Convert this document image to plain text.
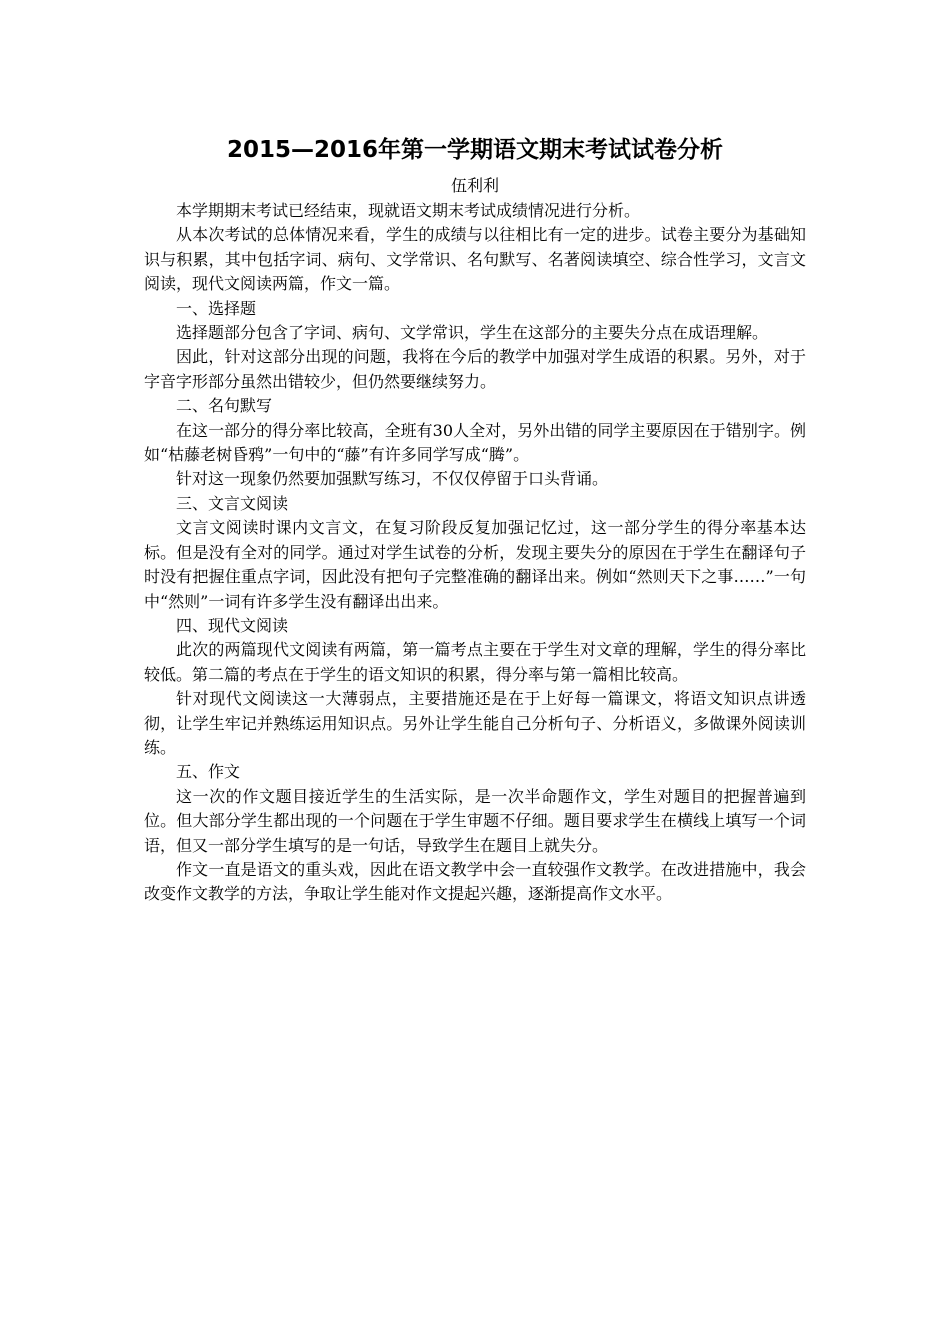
2015—2016年第一学期语文期末考试试卷分析

伍利利

本学期期末考试已经结束，现就语文期末考试成绩情况进行分析。

从本次考试的总体情况来看，学生的成绩与以往相比有一定的进步。试卷主要分为基础知识与积累，其中包括字词、病句、文学常识、名句默写、名著阅读填空、综合性学习，文言文阅读，现代文阅读两篇，作文一篇。

一、选择题

选择题部分包含了字词、病句、文学常识，学生在这部分的主要失分点在成语理解。

因此，针对这部分出现的问题，我将在今后的教学中加强对学生成语的积累。另外，对于字音字形部分虽然出错较少，但仍然要继续努力。

二、名句默写

在这一部分的得分率比较高，全班有30人全对，另外出错的同学主要原因在于错别字。例如“枯藤老树昏鸦”一句中的“藤”有许多同学写成“腾”。

针对这一现象仍然要加强默写练习，不仅仅停留于口头背诵。

三、文言文阅读

文言文阅读时课内文言文，在复习阶段反复加强记忆过，这一部分学生的得分率基本达标。但是没有全对的同学。通过对学生试卷的分析，发现主要失分的原因在于学生在翻译句子时没有把握住重点字词，因此没有把句子完整准确的翻译出来。例如“然则天下之事……”一句中“然则”一词有许多学生没有翻译出出来。

四、现代文阅读

此次的两篇现代文阅读有两篇，第一篇考点主要在于学生对文章的理解，学生的得分率比较低。第二篇的考点在于学生的语文知识的积累，得分率与第一篇相比较高。

针对现代文阅读这一大薄弱点，主要措施还是在于上好每一篇课文，将语文知识点讲透彻，让学生牢记并熟练运用知识点。另外让学生能自己分析句子、分析语义，多做课外阅读训练。

五、作文

这一次的作文题目接近学生的生活实际，是一次半命题作文，学生对题目的把握普遍到位。但大部分学生都出现的一个问题在于学生审题不仔细。题目要求学生在横线上填写一个词语，但又一部分学生填写的是一句话，导致学生在题目上就失分。

作文一直是语文的重头戏，因此在语文教学中会一直较强作文教学。在改进措施中，我会改变作文教学的方法，争取让学生能对作文提起兴趣，逐渐提高作文水平。
